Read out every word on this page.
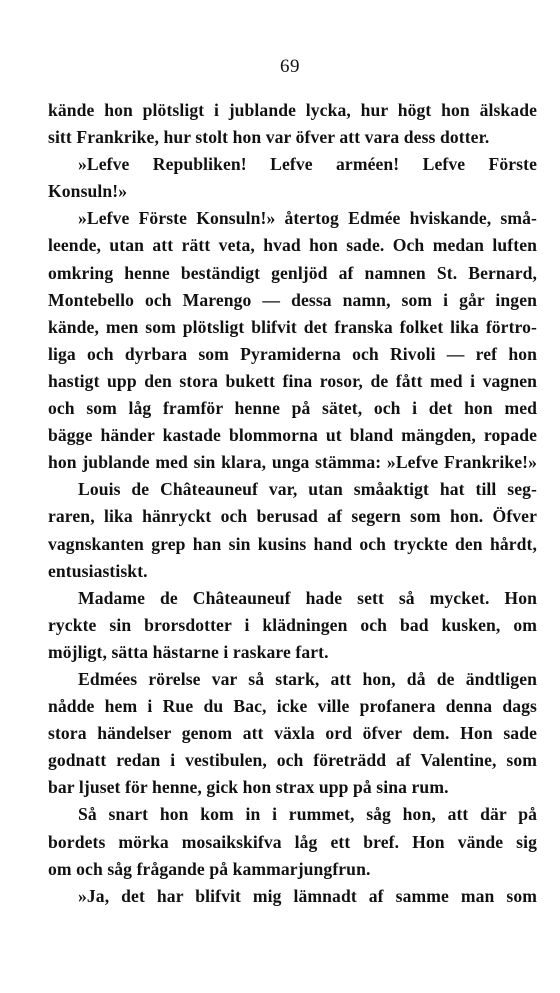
69
kände hon plötsligt i jublande lycka, hur högt hon älskade
sitt Frankrike, hur stolt hon var öfver att vara dess dotter.
»Lefve Republiken! Lefve arméen! Lefve Förste
Konsuln!»
»Lefve Förste Konsuln!» återtog Edmée hviskande, små-
leende, utan att rätt veta, hvad hon sade. Och medan luften
omkring henne beständigt genljöd af namnen St. Bernard,
Montebello och Marengo — dessa namn, som i går ingen
kände, men som plötsligt blifvit det franska folket lika förtro-
liga och dyrbara som Pyramiderna och Rivoli — ref hon
hastigt upp den stora bukett fina rosor, de fått med i vagnen
och som låg framför henne på sätet, och i det hon med
bägge händer kastade blommorna ut bland mängden, ropade
hon jublande med sin klara, unga stämma: »Lefve Frankrike!»
Louis de Châteauneuf var, utan småaktigt hat till seg-
raren, lika hänryckt och berusad af segern som hon. Öfver
vagnskanten grep han sin kusins hand och tryckte den hårdt,
entusiastiskt.
Madame de Châteauneuf hade sett så mycket. Hon
ryckte sin brorsdotter i klädningen och bad kusken, om
möjligt, sätta hästarne i raskare fart.
Edmées rörelse var så stark, att hon, då de ändtligen
nådde hem i Rue du Bac, icke ville profanera denna dags
stora händelser genom att växla ord öfver dem. Hon sade
godnatt redan i vestibulen, och företrädd af Valentine, som
bar ljuset för henne, gick hon strax upp på sina rum.
Så snart hon kom in i rummet, såg hon, att där på
bordets mörka mosaikskifva låg ett bref. Hon vände sig
om och såg frågande på kammarjungfrun.
»Ja, det har blifvit mig lämnadt af samme man som
